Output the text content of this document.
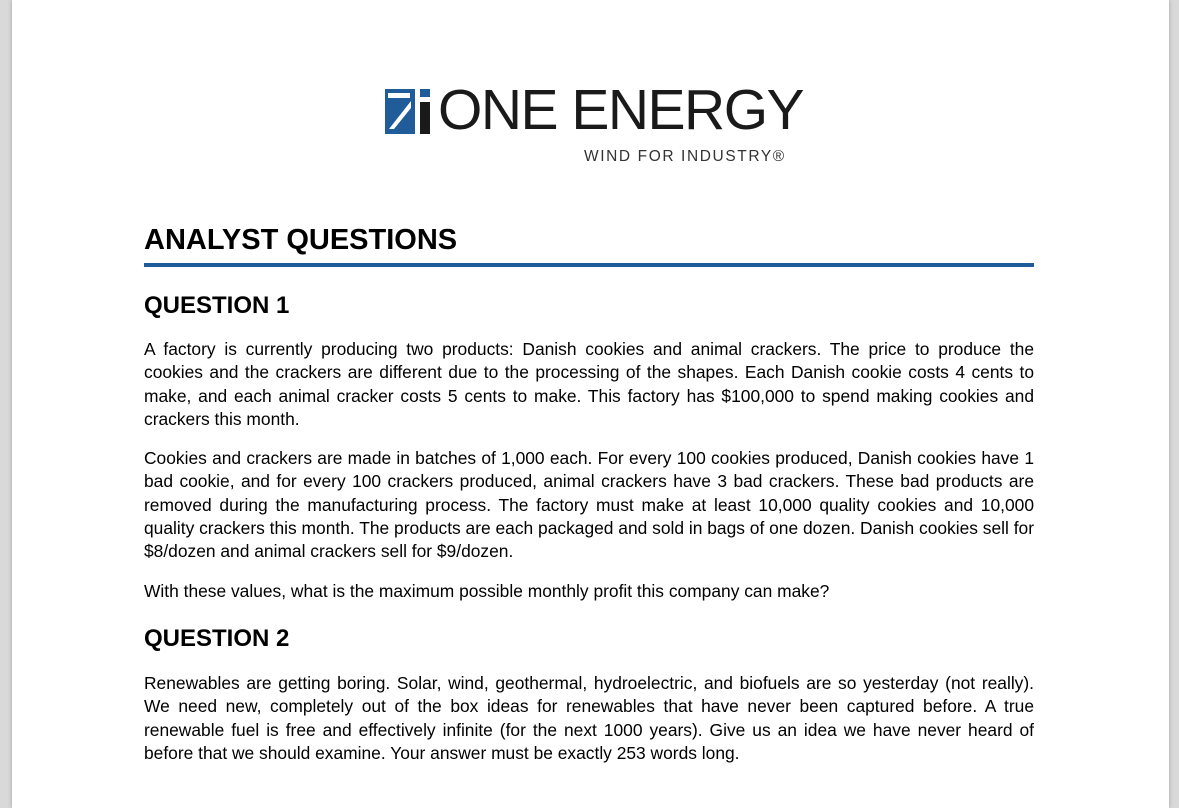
ONE ENERGY
WIND FOR INDUSTRY®
ANALYST QUESTIONS
QUESTION 1

A factory is currently producing two products: Danish cookies and animal crackers. The price to produce the cookies and the crackers are different due to the processing of the shapes. Each Danish cookie costs 4 cents to make, and each animal cracker costs 5 cents to make. This factory has $100,000 to spend making cookies and crackers this month.

Cookies and crackers are made in batches of 1,000 each. For every 100 cookies produced, Danish cookies have 1 bad cookie, and for every 100 crackers produced, animal crackers have 3 bad crackers. These bad products are removed during the manufacturing process. The factory must make at least 10,000 quality cookies and 10,000 quality crackers this month. The products are each packaged and sold in bags of one dozen. Danish cookies sell for $8/dozen and animal crackers sell for $9/dozen.

With these values, what is the maximum possible monthly profit this company can make?

QUESTION 2

Renewables are getting boring. Solar, wind, geothermal, hydroelectric, and biofuels are so yesterday (not really). We need new, completely out of the box ideas for renewables that have never been captured before. A true renewable fuel is free and effectively infinite (for the next 1000 years). Give us an idea we have never heard of before that we should examine. Your answer must be exactly 253 words long.
